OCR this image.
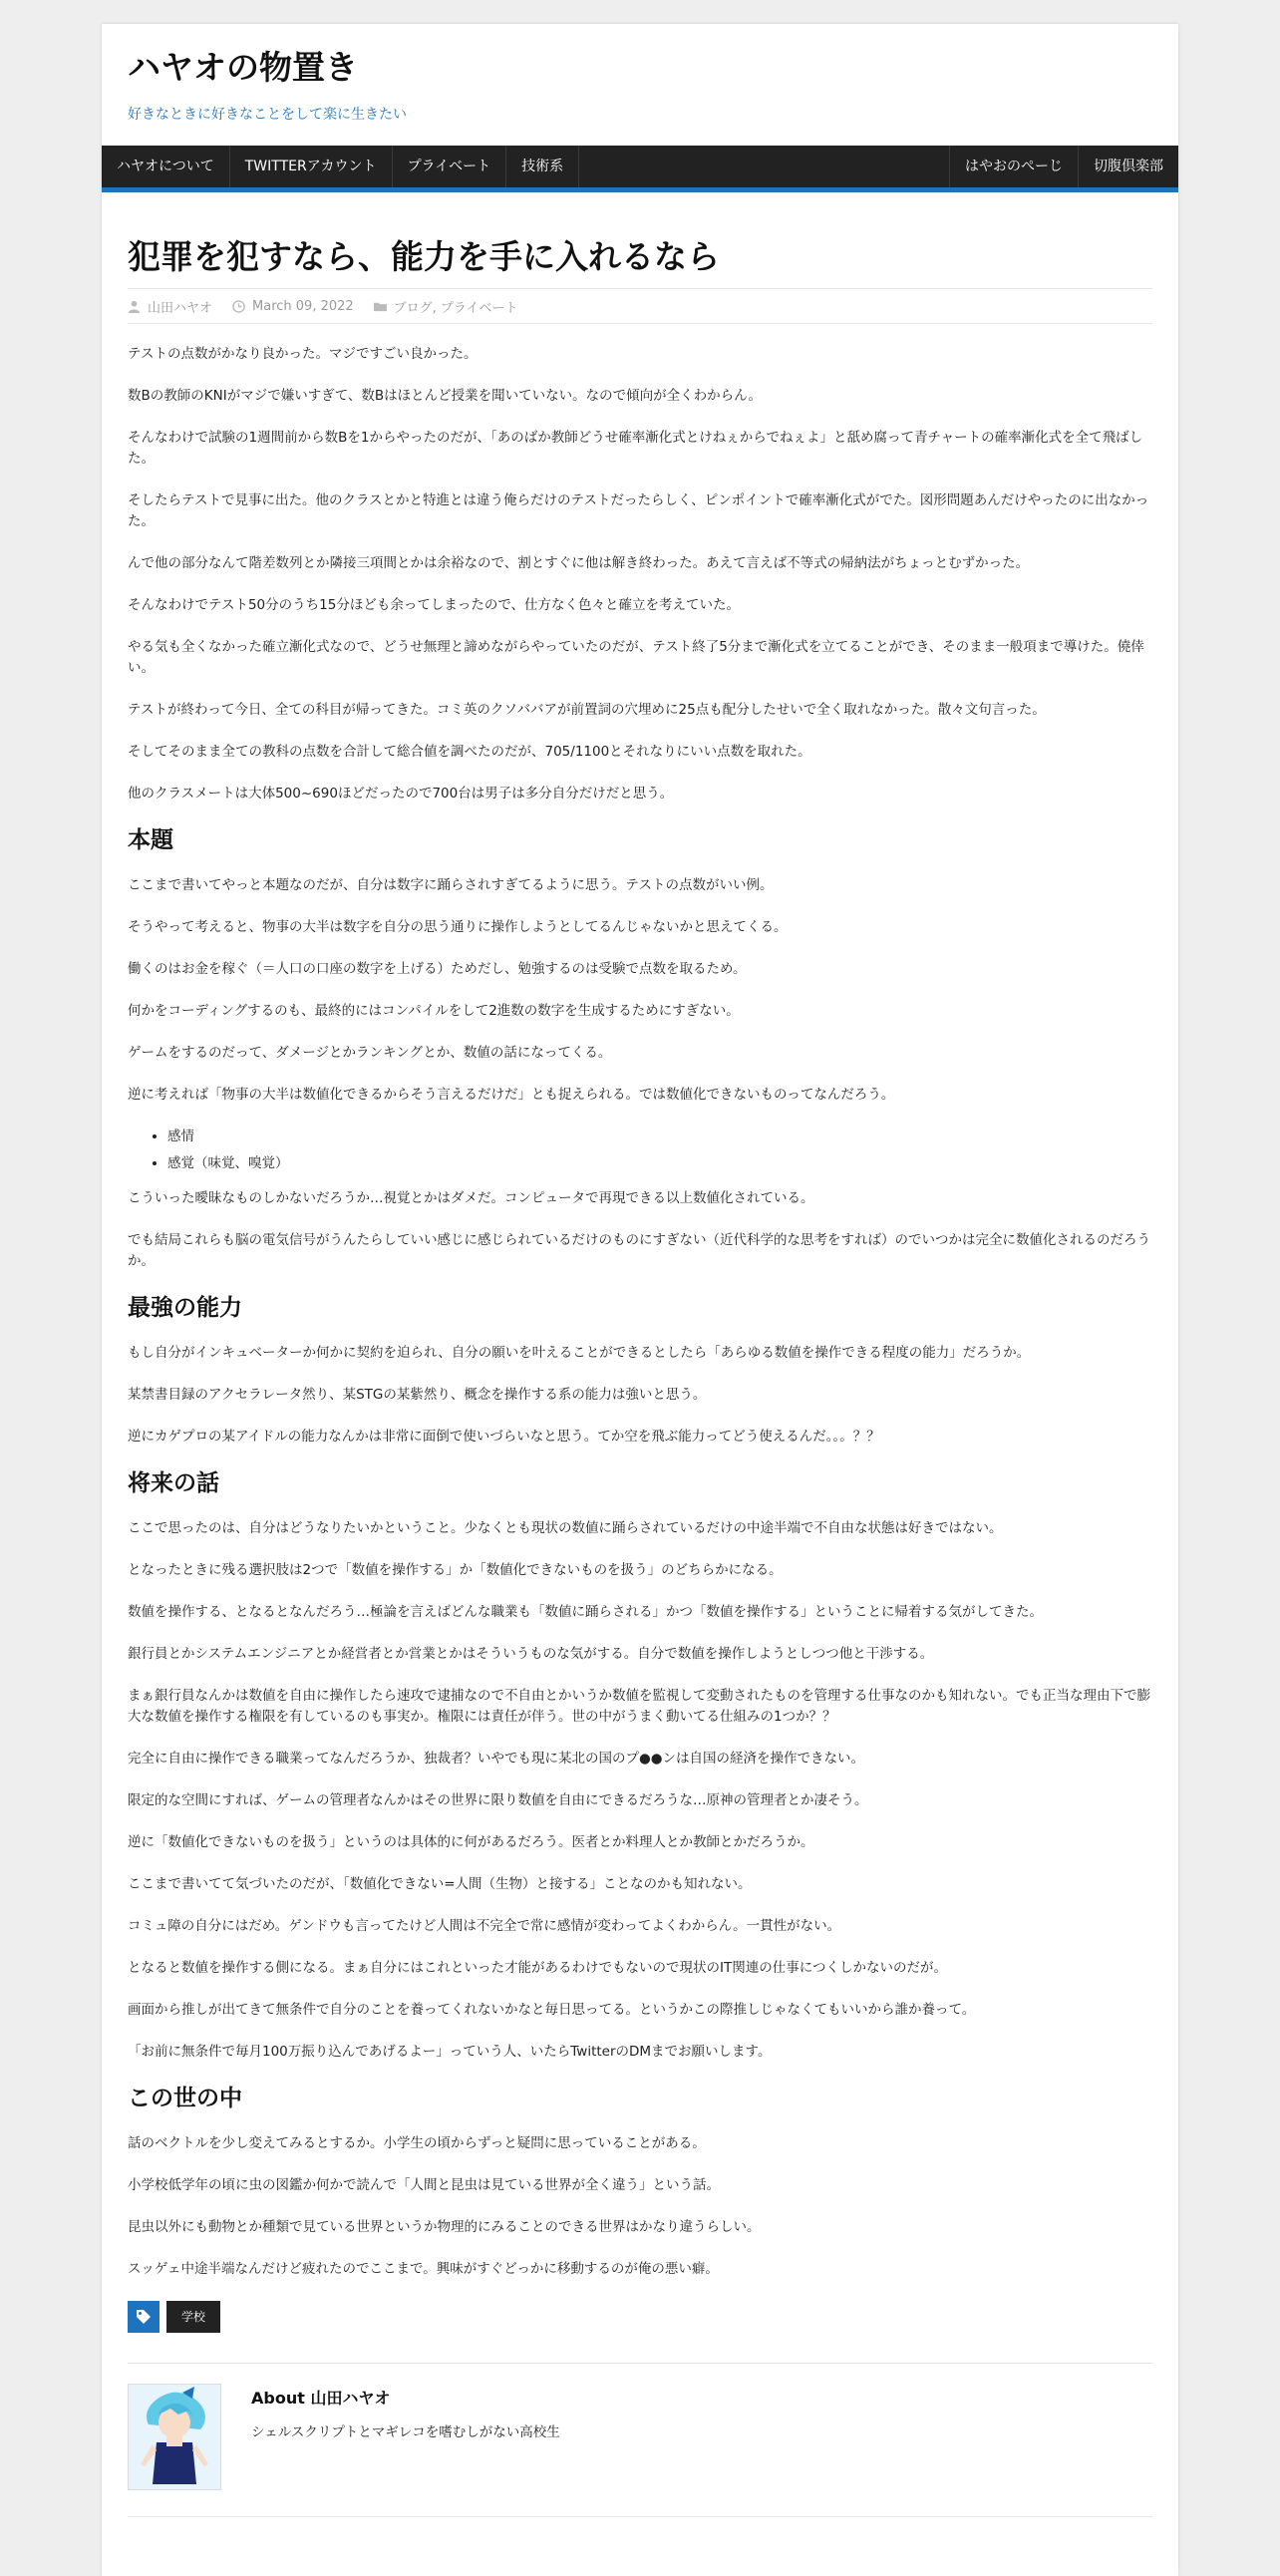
ハヤオの物置き
好きなときに好きなことをして楽に生きたい
ハヤオについて	TWITTERアカウント	プライベート	技術系	はやおのぺーじ	切腹倶楽部
犯罪を犯すなら、能力を手に入れるなら
山田ハヤオ	March 09, 2022	ブログ, プライベート

テストの点数がかなり良かった。マジですごい良かった。

数Bの教師のKNIがマジで嫌いすぎて、数Bはほとんど授業を聞いていない。なので傾向が全くわからん。

そんなわけで試験の1週間前から数Bを1からやったのだが、「あのばか教師どうせ確率漸化式とけねぇからでねぇよ」と舐め腐って青チャートの確率漸化式を全て飛ばした。

そしたらテストで見事に出た。他のクラスとかと特進とは違う俺らだけのテストだったらしく、ピンポイントで確率漸化式がでた。図形問題あんだけやったのに出なかった。

んで他の部分なんて階差数列とか隣接三項間とかは余裕なので、割とすぐに他は解き終わった。あえて言えば不等式の帰納法がちょっとむずかった。

そんなわけでテスト50分のうち15分ほども余ってしまったので、仕方なく色々と確立を考えていた。

やる気も全くなかった確立漸化式なので、どうせ無理と諦めながらやっていたのだが、テスト終了5分まで漸化式を立てることができ、そのまま一般項まで導けた。僥倖い。

テストが終わって今日、全ての科目が帰ってきた。コミ英のクソババアが前置詞の穴埋めに25点も配分したせいで全く取れなかった。散々文句言った。

そしてそのまま全ての教科の点数を合計して総合値を調べたのだが、705/1100とそれなりにいい点数を取れた。

他のクラスメートは大体500~690ほどだったので700台は男子は多分自分だけだと思う。

本題

ここまで書いてやっと本題なのだが、自分は数字に踊らされすぎてるように思う。テストの点数がいい例。

そうやって考えると、物事の大半は数字を自分の思う通りに操作しようとしてるんじゃないかと思えてくる。

働くのはお金を稼ぐ（＝人口の口座の数字を上げる）ためだし、勉強するのは受験で点数を取るため。

何かをコーディングするのも、最終的にはコンパイルをして2進数の数字を生成するためにすぎない。

ゲームをするのだって、ダメージとかランキングとか、数値の話になってくる。

逆に考えれば「物事の大半は数値化できるからそう言えるだけだ」とも捉えられる。では数値化できないものってなんだろう。

• 感情
• 感覚（味覚、嗅覚）

こういった曖昧なものしかないだろうか…視覚とかはダメだ。コンピュータで再現できる以上数値化されている。

でも結局これらも脳の電気信号がうんたらしていい感じに感じられているだけのものにすぎない（近代科学的な思考をすれば）のでいつかは完全に数値化されるのだろうか。

最強の能力

もし自分がインキュベーターか何かに契約を迫られ、自分の願いを叶えることができるとしたら「あらゆる数値を操作できる程度の能力」だろうか。

某禁書目録のアクセラレータ然り、某STGの某紫然り、概念を操作する系の能力は強いと思う。

逆にカゲプロの某アイドルの能力なんかは非常に面倒で使いづらいなと思う。てか空を飛ぶ能力ってどう使えるんだ。。。？？

将来の話

ここで思ったのは、自分はどうなりたいかということ。少なくとも現状の数値に踊らされているだけの中途半端で不自由な状態は好きではない。

となったときに残る選択肢は2つで「数値を操作する」か「数値化できないものを扱う」のどちらかになる。

数値を操作する、となるとなんだろう…極論を言えばどんな職業も「数値に踊らされる」かつ「数値を操作する」ということに帰着する気がしてきた。

銀行員とかシステムエンジニアとか経営者とか営業とかはそういうものな気がする。自分で数値を操作しようとしつつ他と干渉する。

まぁ銀行員なんかは数値を自由に操作したら速攻で逮捕なので不自由とかいうか数値を監視して変動されたものを管理する仕事なのかも知れない。でも正当な理由下で膨大な数値を操作する権限を有しているのも事実か。権限には責任が伴う。世の中がうまく動いてる仕組みの1つか？？

完全に自由に操作できる職業ってなんだろうか、独裁者？いやでも現に某北の国のプ●●ンは自国の経済を操作できない。

限定的な空間にすれば、ゲームの管理者なんかはその世界に限り数値を自由にできるだろうな…原神の管理者とか凄そう。

逆に「数値化できないものを扱う」というのは具体的に何があるだろう。医者とか料理人とか教師とかだろうか。

ここまで書いてて気づいたのだが、「数値化できない=人間（生物）と接する」ことなのかも知れない。

コミュ障の自分にはだめ。ゲンドウも言ってたけど人間は不完全で常に感情が変わってよくわからん。一貫性がない。

となると数値を操作する側になる。まぁ自分にはこれといった才能があるわけでもないので現状のIT関連の仕事につくしかないのだが。

画面から推しが出てきて無条件で自分のことを養ってくれないかなと毎日思ってる。というかこの際推しじゃなくてもいいから誰か養って。

「お前に無条件で毎月100万振り込んであげるよー」っていう人、いたらTwitterのDMまでお願いします。

この世の中

話のベクトルを少し変えてみるとするか。小学生の頃からずっと疑問に思っていることがある。

小学校低学年の頃に虫の図鑑か何かで読んで「人間と昆虫は見ている世界が全く違う」という話。

昆虫以外にも動物とか種類で見ている世界というか物理的にみることのできる世界はかなり違うらしい。

スッゲェ中途半端なんだけど疲れたのでここまで。興味がすぐどっかに移動するのが俺の悪い癖。

学校
About 山田ハヤオ
シェルスクリプトとマギレコを嗜むしがない高校生
